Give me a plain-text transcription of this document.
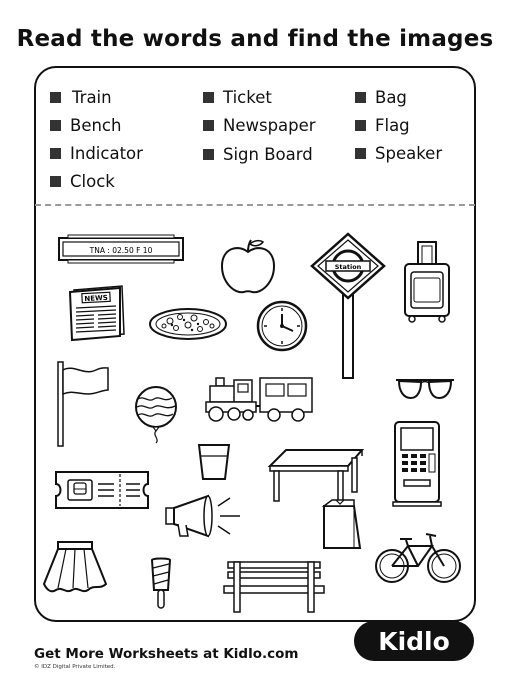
Read the words and find the images
Train	Ticket	Bag
Bench	Newspaper	Flag
Indicator	Sign Board	Speaker
Clock
TNA : 02.50 F 10
Station
NEWS
Kidlo
Get More Worksheets at Kidlo.com
© IDZ Digital Private Limited.
